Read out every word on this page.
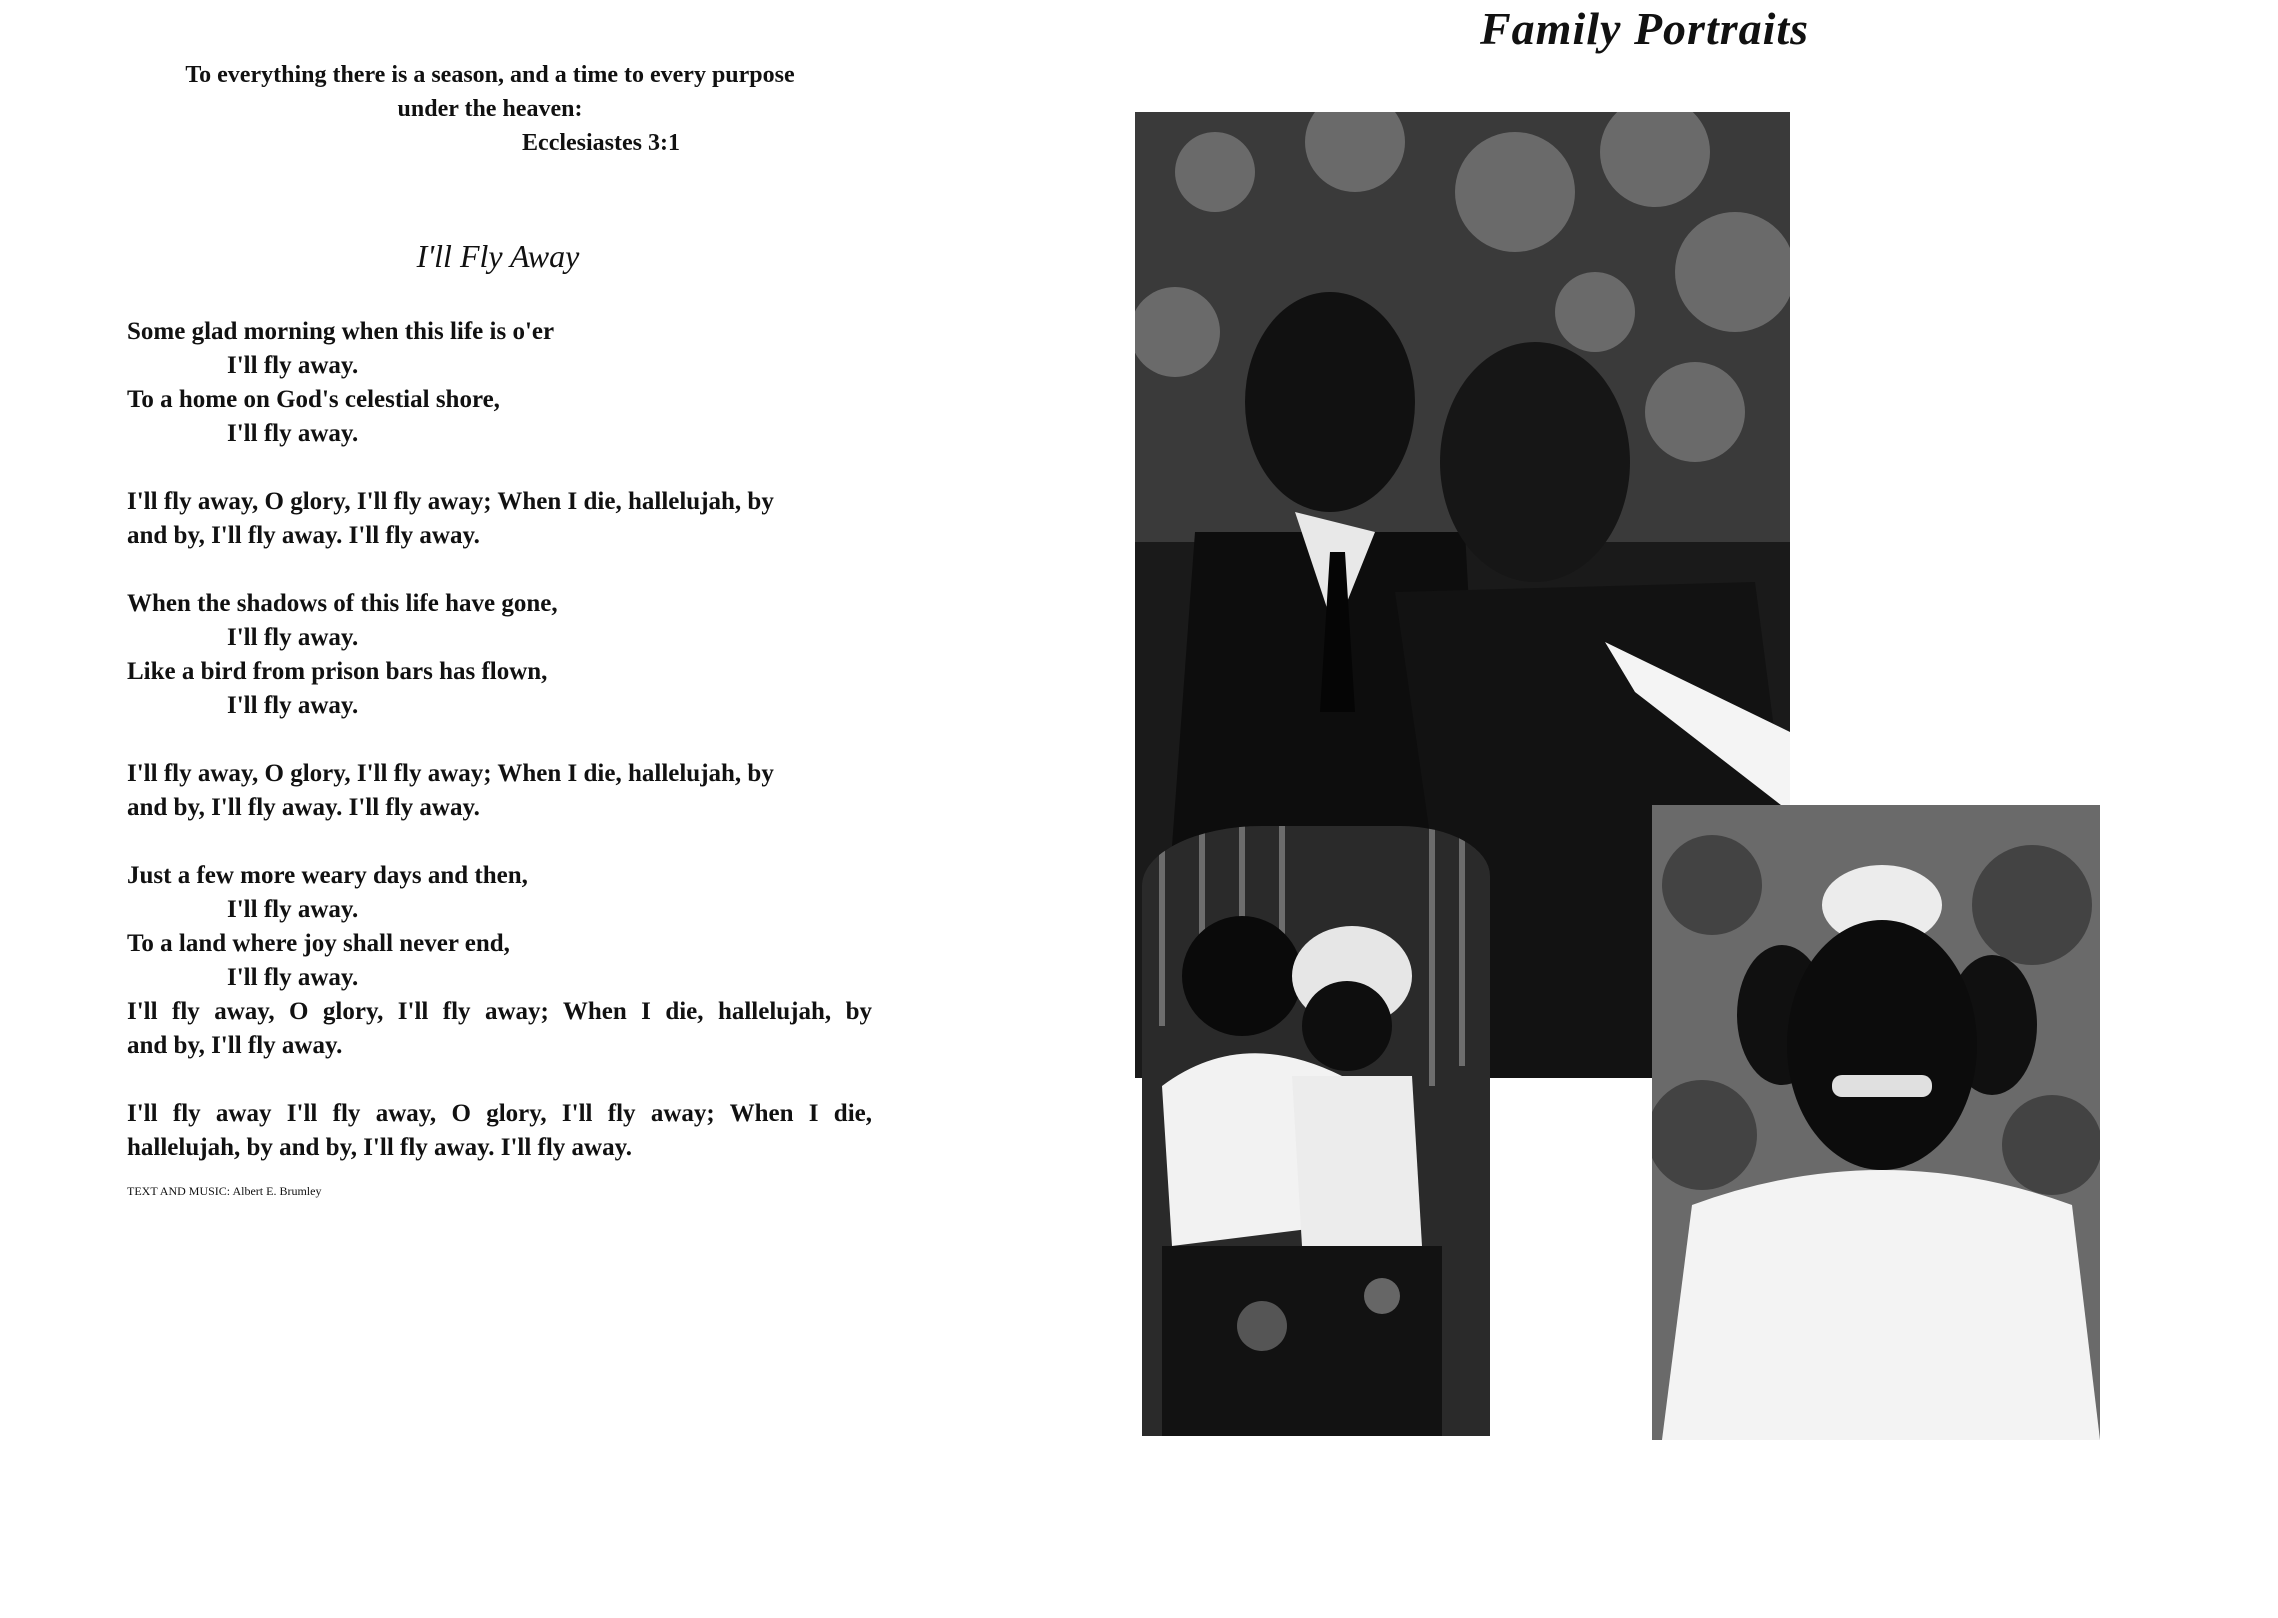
To everything there is a season, and a time to every purpose
under the heaven:

Ecclesiastes 3:1
I'll Fly Away
Some glad morning when this life is o'er
I'll fly away.
To a home on God's celestial shore,
I'll fly away.
I'll fly away, O glory, I'll fly away; When I die, hallelujah, by
and by, I'll fly away. I'll fly away.
When the shadows of this life have gone,
I'll fly away.
Like a bird from prison bars has flown,
I'll fly away.
I'll fly away, O glory, I'll fly away; When I die, hallelujah, by
and by, I'll fly away. I'll fly away.
Just a few more weary days and then,
I'll fly away.
To a land where joy shall never end,
I'll fly away.
I'll fly away, O glory, I'll fly away; When I die, hallelujah, by
and by, I'll fly away.
I'll fly away I'll fly away, O glory, I'll fly away; When I die,
hallelujah, by and by, I'll fly away. I'll fly away.
TEXT AND MUSIC: Albert E. Brumley
Family Portraits
